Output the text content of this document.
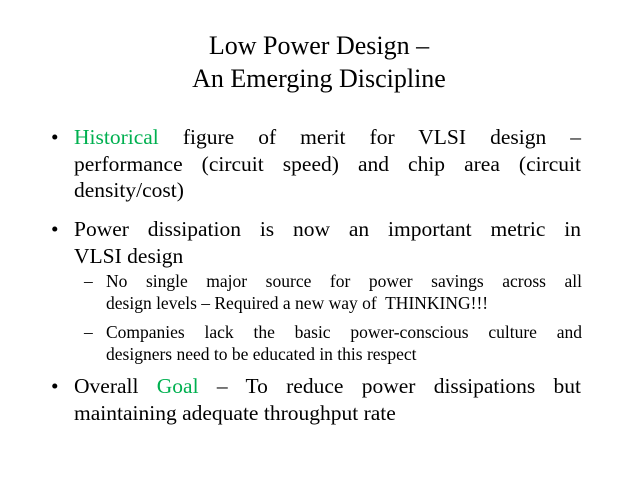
Low Power Design –
An Emerging Discipline
• Historical figure of merit for VLSI design –
performance (circuit speed) and chip area (circuit
density/cost)
• Power dissipation is now an important metric in
VLSI design
– No single major source for power savings across all
design levels – Required a new way of  THINKING!!!
– Companies lack the basic power-conscious culture and
designers need to be educated in this respect
• Overall Goal – To reduce power dissipations but
maintaining adequate throughput rate
